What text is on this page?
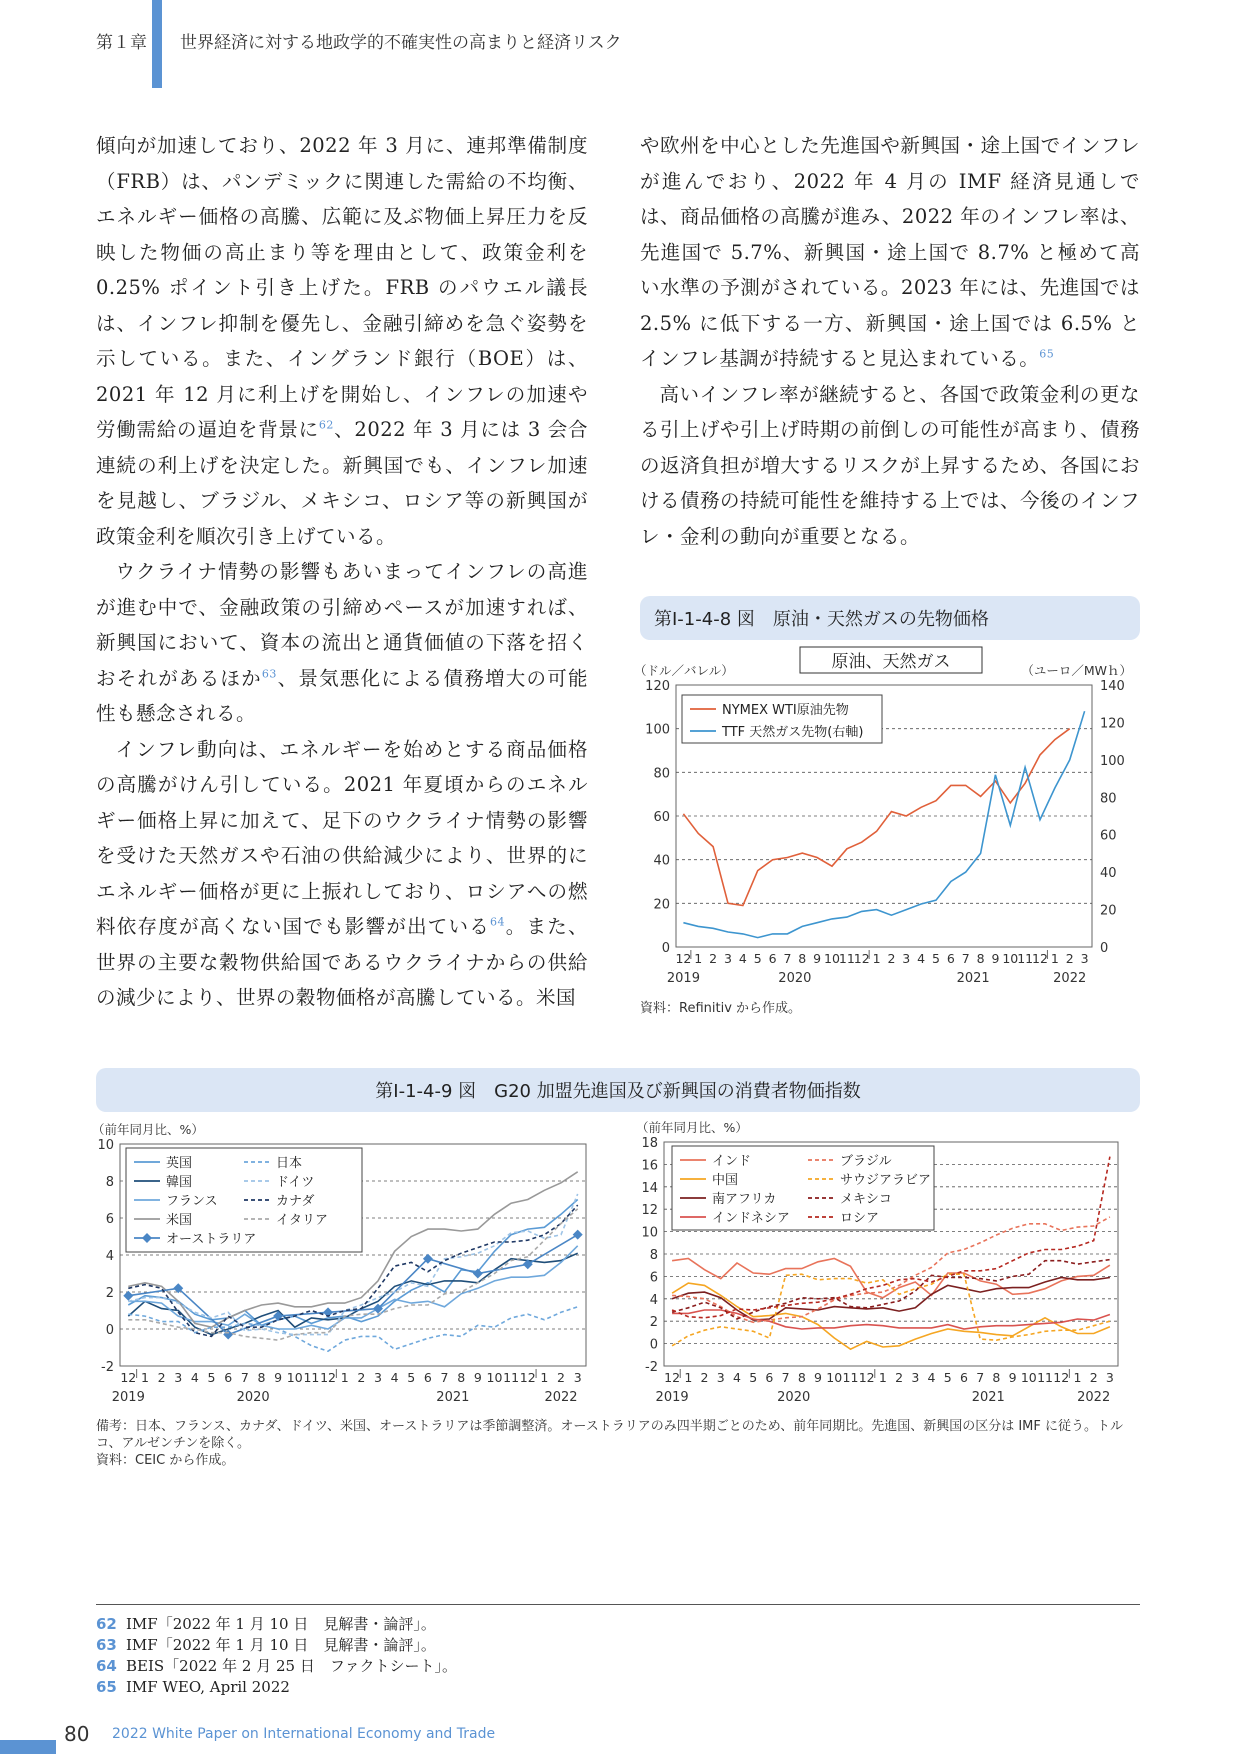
第１章 世界経済に対する地政学的不確実性の高まりと経済リスク

傾向が加速しており、2022 年 3 月に、連邦準備制度（FRB）は、パンデミックに関連した需給の不均衡、エネルギー価格の高騰、広範に及ぶ物価上昇圧力を反映した物価の高止まり等を理由として、政策金利を 0.25% ポイント引き上げた。FRB のパウエル議長は、インフレ抑制を優先し、金融引締めを急ぐ姿勢を示している。また、イングランド銀行（BOE）は、2021 年 12 月に利上げを開始し、インフレの加速や労働需給の逼迫を背景に$^{62}$、2022 年 3 月には 3 会合連続の利上げを決定した。新興国でも、インフレ加速を見越し、ブラジル、メキシコ、ロシア等の新興国が政策金利を順次引き上げている。

ウクライナ情勢の影響もあいまってインフレの高進が進む中で、金融政策の引締めペースが加速すれば、新興国において、資本の流出と通貨価値の下落を招くおそれがあるほか$^{63}$、景気悪化による債務増大の可能性も懸念される。

インフレ動向は、エネルギーを始めとする商品価格の高騰がけん引している。2021 年夏頃からのエネルギー価格上昇に加えて、足下のウクライナ情勢の影響を受けた天然ガスや石油の供給減少により、世界的にエネルギー価格が更に上振れしており、ロシアへの燃料依存度が高くない国でも影響が出ている$^{64}$。また、世界の主要な穀物供給国であるウクライナからの供給の減少により、世界の穀物価格が高騰している。米国

や欧州を中心とした先進国や新興国・途上国でインフレが進んでおり、2022 年 4 月の IMF 経済見通しでは、商品価格の高騰が進み、2022 年のインフレ率は、先進国で 5.7%、新興国・途上国で 8.7% と極めて高い水準の予測がされている。2023 年には、先進国では 2.5% に低下する一方、新興国・途上国では 6.5% とインフレ基調が持続すると見込まれている。$^{65}$

高いインフレ率が継続すると、各国で政策金利の更なる引上げや引上げ時期の前倒しの可能性が高まり、債務の返済負担が増大するリスクが上昇するため、各国における債務の持続可能性を維持する上では、今後のインフレ・金利の動向が重要となる。

第Ⅰ-1-4-8 図　原油・天然ガスの先物価格
原油、天然ガス
0
20
40
60
80
100
120
0
20
40
60
80
100
120
140
12 1 2 3 4 5 6 7 8 9 10
11
12 1 2 3 4 5 6 7 8 9 10
11
12 1 2 3
2019	2020	2021	2022
（ドル／バレル）	（ユーロ／MWｈ）
NYMEX WTI原油先物
TTF 天然ガス先物(右軸)
資料：Refinitiv から作成。
第Ⅰ-1-4-9 図　G20 加盟先進国及び新興国の消費者物価指数
-2
0
2
4
6
8
10
12 1 2 3 4 5 6 7 8 9 10 11 12 1 2 3 4 5 6 7 8 9 10 11 12 1 2 3
2019	2020	2021	2022
（前年同月比、%）
英国
韓国
フランス
米国
オーストラリア
日本
ドイツ
カナダ
イタリア
-2
0
2
4
6
8
10
12
14
16
18
12 1 2 3 4 5 6 7 8 9 10 11 12 1 2 3 4 5 6 7 8 9 10 11 12 1 2 3
2019	2020	2021	2022
（前年同月比、%）
インド
中国
南アフリカ
インドネシア
ブラジル
サウジアラビア
メキシコ
ロシア
備考：日本、フランス、カナダ、ドイツ、米国、オーストラリアは季節調整済。オーストラリアのみ四半期ごとのため、前年同期比。先進国、新興国の区分は IMF に従う。トルコ、アルゼンチンを除く。
資料：CEIC から作成。
62 IMF「2022 年 1 月 10 日　見解書・論評」。
63 IMF「2022 年 1 月 10 日　見解書・論評」。
64 BEIS「2022 年 2 月 25 日　ファクトシート」。
65 IMF WEO, April 2022
80 2022 White Paper on International Economy and Trade
